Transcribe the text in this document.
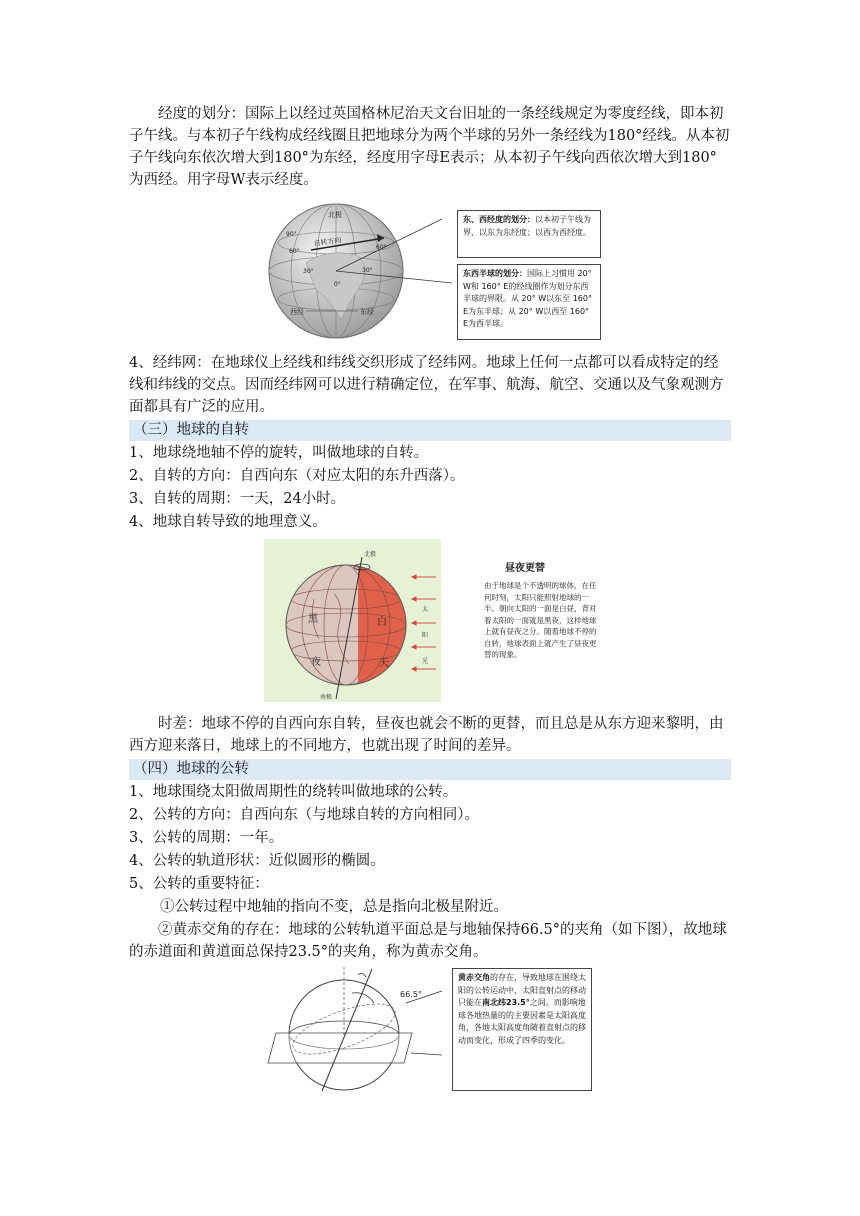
经度的划分：国际上以经过英国格林尼治天文台旧址的一条经线规定为零度经线，即本初子午线。与本初子午线构成经线圈且把地球分为两个半球的另外一条经线为180°经线。从本初子午线向东依次增大到180°为东经，经度用字母E表示；从本初子午线向西依次增大到180°为西经。用字母W表示经度。

北极
自转方向
90°
60°
30°	30°
60°
0°
西经	东经
东、西经度的划分：以本初子午线为界，以东为东经度；以西为西经度。
东西半球的划分：国际上习惯用 20° W和 160° E的经线圈作为划分东西半球的界限。从 20° W以东至 160° E为东半球；从 20° W以西至 160° E为西半球。

4、经纬网：在地球仪上经线和纬线交织形成了经纬网。地球上任何一点都可以看成特定的经线和纬线的交点。因而经纬网可以进行精确定位，在军事、航海、航空、交通以及气象观测方面都具有广泛的应用。

（三）地球的自转
1、地球绕地轴不停的旋转，叫做地球的自转。
2、自转的方向：自西向东（对应太阳的东升西落）。
3、自转的周期：一天，24小时。
4、地球自转导致的地理意义。
北极
黑
夜
白
天
太
阳
光
南极
昼夜更替
由于地球是个不透明的球体，在任何时刻，太阳只能照射地球的一半。朝向太阳的一面是白昼，背对着太阳的一面就是黑夜，这样地球上就有昼夜之分。随着地球不停的自转，地球表面上就产生了昼夜更替的现象。

时差：地球不停的自西向东自转，昼夜也就会不断的更替，而且总是从东方迎来黎明，由西方迎来落日，地球上的不同地方，也就出现了时间的差异。

（四）地球的公转
1、地球围绕太阳做周期性的绕转叫做地球的公转。
2、公转的方向：自西向东（与地球自转的方向相同）。
3、公转的周期：一年。
4、公转的轨道形状：近似圆形的椭圆。
5、公转的重要特征：
①公转过程中地轴的指向不变，总是指向北极星附近。

②黄赤交角的存在：地球的公转轨道平面总是与地轴保持66.5°的夹角（如下图），故地球的赤道面和黄道面总保持23.5°的夹角，称为黄赤交角。

66.5°
黄赤交角的存在，导致地球在围绕太阳的公转运动中，太阳直射点的移动只能在南北纬23.5°之间。而影响地球各地热量的的主要因素是太阳高度角，各地太阳高度角随着直射点的移动而变化，形成了四季的变化。
